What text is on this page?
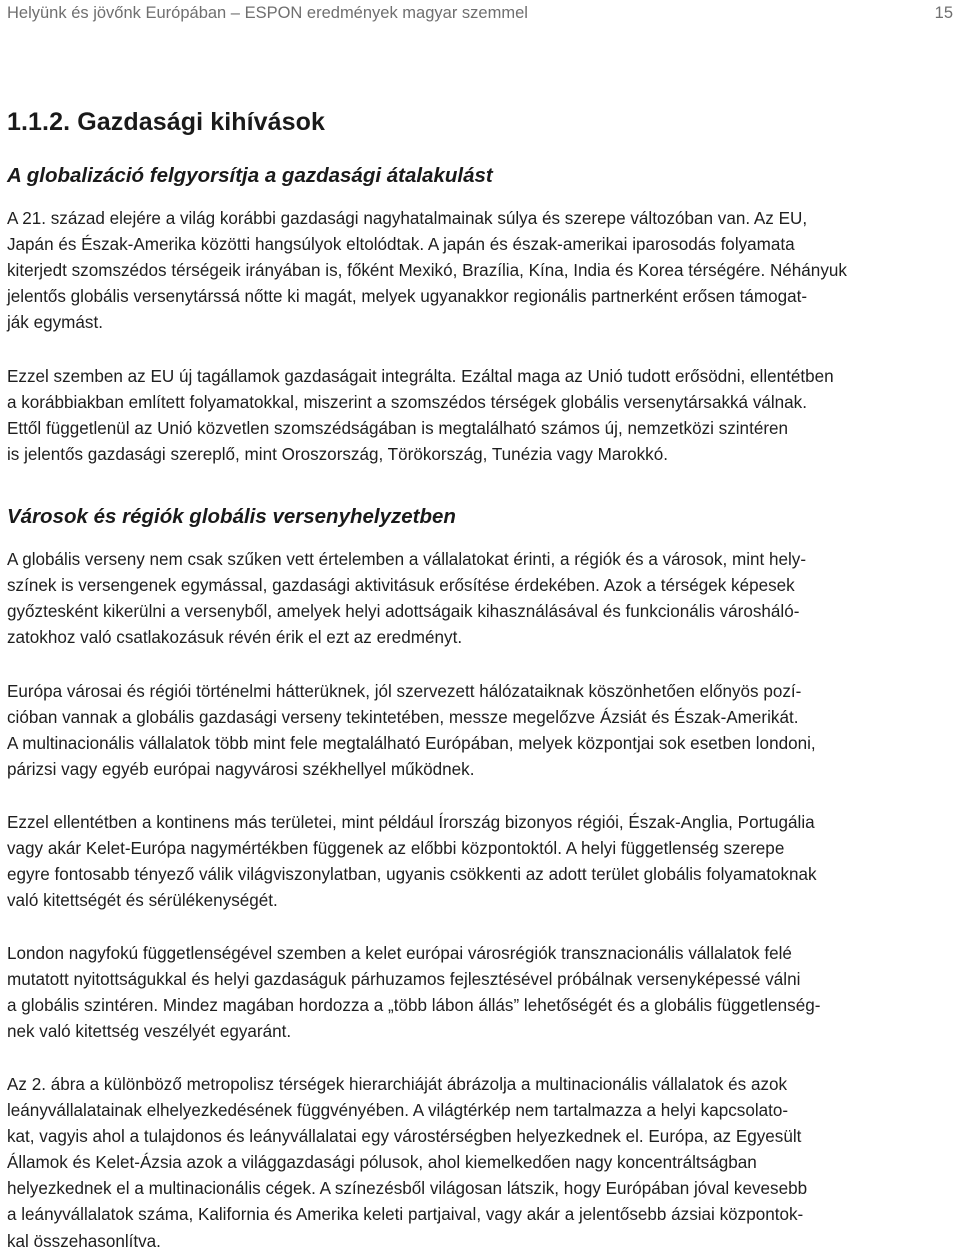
Helyünk és jövőnk Európában – ESPON eredmények magyar szemmel	15
1.1.2. Gazdasági kihívások
A globalizáció felgyorsítja a gazdasági átalakulást

A 21. század elejére a világ korábbi gazdasági nagyhatalmainak súlya és szerepe változóban van. Az EU,
Japán és Észak-Amerika közötti hangsúlyok eltolódtak. A japán és észak-amerikai iparosodás folyamata
kiterjedt szomszédos térségeik irányában is, főként Mexikó, Brazília, Kína, India és Korea térségére. Néhányuk
jelentős globális versenytárssá nőtte ki magát, melyek ugyanakkor regionális partnerként erősen támogat-
ják egymást.

Ezzel szemben az EU új tagállamok gazdaságait integrálta. Ezáltal maga az Unió tudott erősödni, ellentétben
a korábbiakban említett folyamatokkal, miszerint a szomszédos térségek globális versenytársakká válnak.
Ettől függetlenül az Unió közvetlen szomszédságában is megtalálható számos új, nemzetközi szintéren
is jelentős gazdasági szereplő, mint Oroszország, Törökország, Tunézia vagy Marokkó.

Városok és régiók globális versenyhelyzetben

A globális verseny nem csak szűken vett értelemben a vállalatokat érinti, a régiók és a városok, mint hely-
színek is versengenek egymással, gazdasági aktivitásuk erősítése érdekében. Azok a térségek képesek
győztesként kikerülni a versenyből, amelyek helyi adottságaik kihasználásával és funkcionális városháló-
zatokhoz való csatlakozásuk révén érik el ezt az eredményt.

Európa városai és régiói történelmi hátterüknek, jól szervezett hálózataiknak köszönhetően előnyös pozí-
cióban vannak a globális gazdasági verseny tekintetében, messze megelőzve Ázsiát és Észak-Amerikát.
A multinacionális vállalatok több mint fele megtalálható Európában, melyek központjai sok esetben londoni,
párizsi vagy egyéb európai nagyvárosi székhellyel működnek.

Ezzel ellentétben a kontinens más területei, mint például Írország bizonyos régiói, Észak-Anglia, Portugália
vagy akár Kelet-Európa nagymértékben függenek az előbbi központoktól. A helyi függetlenség szerepe
egyre fontosabb tényező válik világviszonylatban, ugyanis csökkenti az adott terület globális folyamatoknak
való kitettségét és sérülékenységét.

London nagyfokú függetlenségével szemben a kelet európai városrégiók transznacionális vállalatok felé
mutatott nyitottságukkal és helyi gazdaságuk párhuzamos fejlesztésével próbálnak versenyképessé válni
a globális szintéren. Mindez magában hordozza a „több lábon állás” lehetőségét és a globális függetlenség-
nek való kitettség veszélyét egyaránt.

Az 2. ábra a különböző metropolisz térségek hierarchiáját ábrázolja a multinacionális vállalatok és azok
leányvállalatainak elhelyezkedésének függvényében. A világtérkép nem tartalmazza a helyi kapcsolato-
kat, vagyis ahol a tulajdonos és leányvállalatai egy várostérségben helyezkednek el. Európa, az Egyesült
Államok és Kelet-Ázsia azok a világgazdasági pólusok, ahol kiemelkedően nagy koncentráltságban
helyezkednek el a multinacionális cégek. A színezésből világosan látszik, hogy Európában jóval kevesebb
a leányvállalatok száma, Kalifornia és Amerika keleti partjaival, vagy akár a jelentősebb ázsiai központok-
kal összehasonlítva.
